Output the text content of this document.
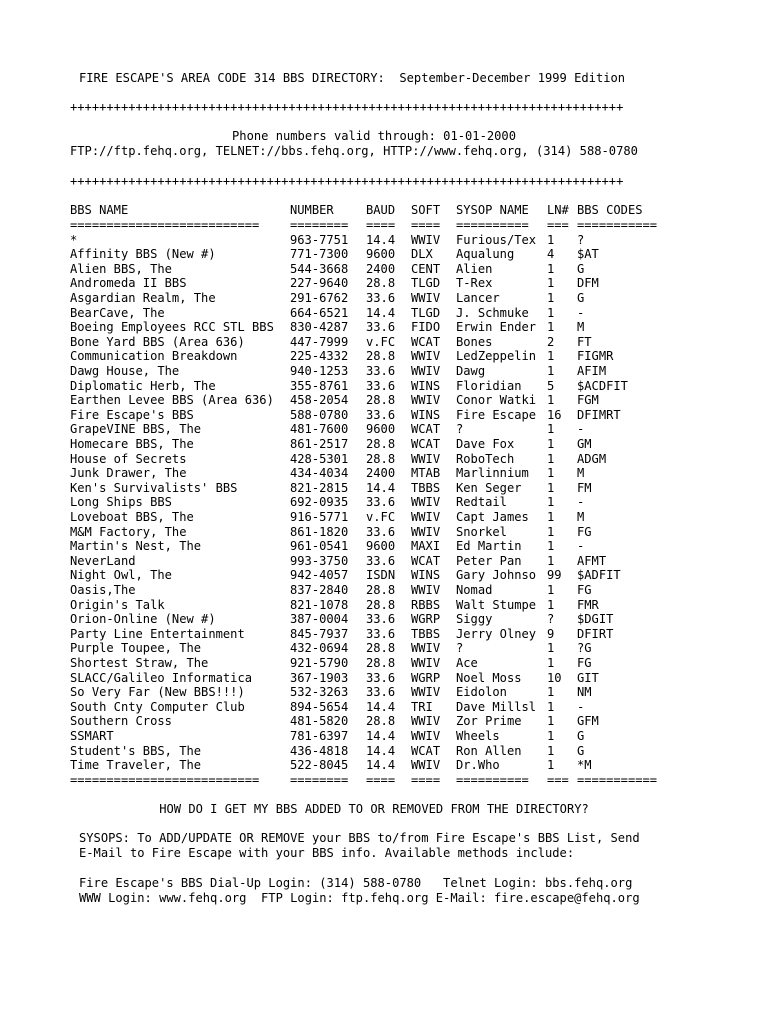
FIRE ESCAPE'S AREA CODE 314 BBS DIRECTORY:  September-December 1999 Edition
++++++++++++++++++++++++++++++++++++++++++++++++++++++++++++++++++++++++++++
Phone numbers valid through: 01-01-2000
FTP://ftp.fehq.org, TELNET://bbs.fehq.org, HTTP://www.fehq.org, (314) 588-0780
++++++++++++++++++++++++++++++++++++++++++++++++++++++++++++++++++++++++++++
BBS NAME	NUMBER	BAUD SOFT SYSOP NAME LN# BBS CODES
==========================	======== ==== ==== ========== === ===========
*	963-7751 14.4 WWIV Furious/Tex 1 ?
Affinity BBS (New #)	771-7300 9600 DLX Aqualung	4 $AT
Alien BBS, The	544-3668 2400 CENT Alien	1 G
Andromeda II BBS	227-9640 28.8 TLGD T-Rex	1 DFM
Asgardian Realm, The	291-6762 33.6 WWIV Lancer	1 G
BearCave, The	664-6521 14.4 TLGD J. Schmuke 1 -
Boeing Employees RCC STL BBS 830-4287 33.6 FIDO Erwin Ender 1 M
Bone Yard BBS (Area 636)	447-7999 v.FC WCAT Bones	2 FT
Communication Breakdown	225-4332 28.8 WWIV LedZeppelin 1 FIGMR
Dawg House, The	940-1253 33.6 WWIV Dawg	1 AFIM
Diplomatic Herb, The	355-8761 33.6 WINS Floridian 5 $ACDFIT
Earthen Levee BBS (Area 636) 458-2054 28.8 WWIV Conor Watki 1 FGM
Fire Escape's BBS	588-0780 33.6 WINS Fire Escape 16 DFIMRT
GrapeVINE BBS, The	481-7600 9600 WCAT ?	1 -
Homecare BBS, The	861-2517 28.8 WCAT Dave Fox	1 GM
House of Secrets	428-5301 28.8 WWIV RoboTech	1 ADGM
Junk Drawer, The	434-4034 2400 MTAB Marlinnium 1 M
Ken's Survivalists' BBS	821-2815 14.4 TBBS Ken Seger 1 FM
Long Ships BBS	692-0935 33.6 WWIV Redtail	1 -
Loveboat BBS, The	916-5771 v.FC WWIV Capt James 1 M
M&M Factory, The	861-1820 33.6 WWIV Snorkel	1 FG
Martin's Nest, The	961-0541 9600 MAXI Ed Martin 1 -
NeverLand	993-3750 33.6 WCAT Peter Pan 1 AFMT
Night Owl, The	942-4057 ISDN WINS Gary Johnso 99 $ADFIT
Oasis,The	837-2840 28.8 WWIV Nomad	1 FG
Origin's Talk	821-1078 28.8 RBBS Walt Stumpe 1 FMR
Orion-Online (New #)	387-0004 33.6 WGRP Siggy	? $DGIT
Party Line Entertainment	845-7937 33.6 TBBS Jerry Olney 9 DFIRT
Purple Toupee, The	432-0694 28.8 WWIV ?	1 ?G
Shortest Straw, The	921-5790 28.8 WWIV Ace	1 FG
SLACC/Galileo Informatica	367-1903 33.6 WGRP Noel Moss 10 GIT
So Very Far (New BBS!!!)	532-3263 33.6 WWIV Eidolon	1 NM
South Cnty Computer Club	894-5654 14.4 TRI Dave Millsl 1 -
Southern Cross	481-5820 28.8 WWIV Zor Prime 1 GFM
SSMART	781-6397 14.4 WWIV Wheels	1 G
Student's BBS, The	436-4818 14.4 WCAT Ron Allen 1 G
Time Traveler, The	522-8045 14.4 WWIV Dr.Who	1 *M
==========================	======== ==== ==== ========== === ===========
HOW DO I GET MY BBS ADDED TO OR REMOVED FROM THE DIRECTORY?
SYSOPS: To ADD/UPDATE OR REMOVE your BBS to/from Fire Escape's BBS List, Send
E-Mail to Fire Escape with your BBS info. Available methods include:
Fire Escape's BBS Dial-Up Login: (314) 588-0780   Telnet Login: bbs.fehq.org
WWW Login: www.fehq.org  FTP Login: ftp.fehq.org E-Mail: fire.escape@fehq.org
